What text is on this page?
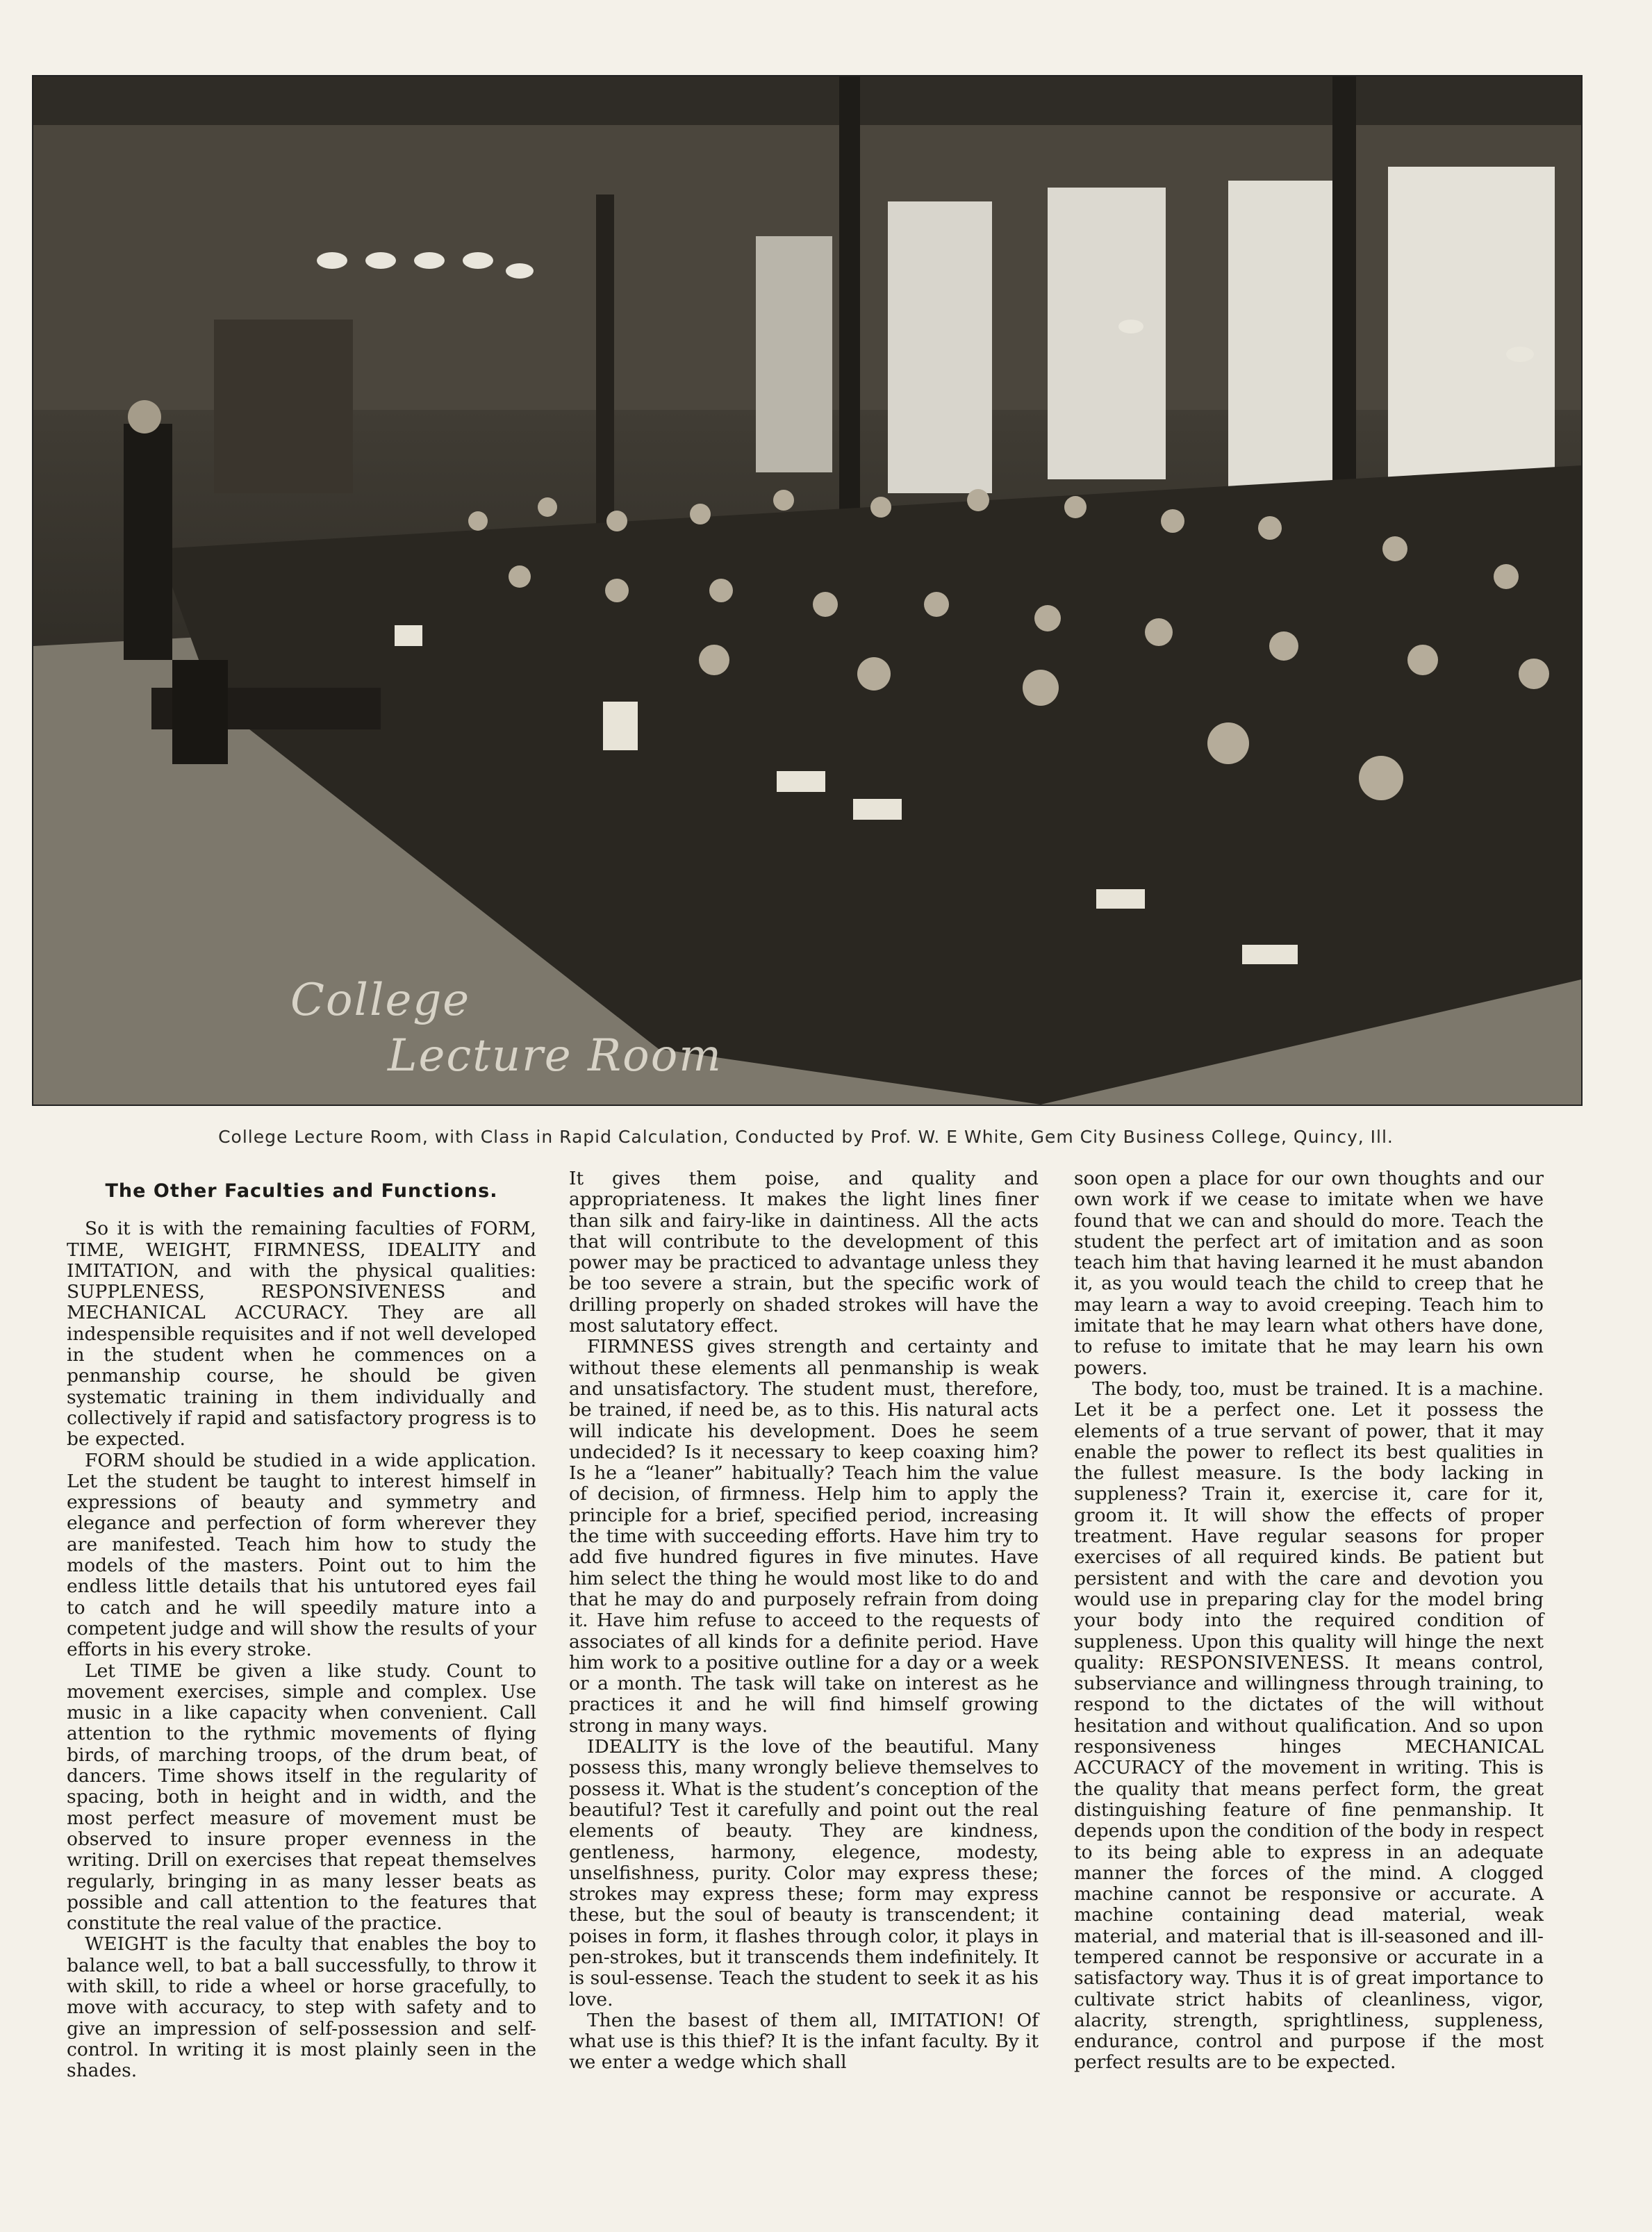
College
Lecture Room
College Lecture Room, with Class in Rapid Calculation, Conducted by Prof. W. E White, Gem City Business College, Quincy, Ill.
The Other Faculties and Functions.

So it is with the remaining faculties of FORM, TIME, WEIGHT, FIRMNESS, IDEALITY and IMITATION, and with the physical qualities: SUPPLENESS, RESPONSIVENESS and MECHANICAL ACCURACY. They are all indespensible requisites and if not well developed in the student when he commences on a penmanship course, he should be given systematic training in them individually and collectively if rapid and satisfactory progress is to be expected.

FORM should be studied in a wide application. Let the student be taught to interest himself in expressions of beauty and symmetry and elegance and perfection of form wherever they are manifested. Teach him how to study the models of the masters. Point out to him the endless little details that his untutored eyes fail to catch and he will speedily mature into a competent judge and will show the results of your efforts in his every stroke.

Let TIME be given a like study. Count to movement exercises, simple and complex. Use music in a like capacity when convenient. Call attention to the rythmic movements of flying birds, of marching troops, of the drum beat, of dancers. Time shows itself in the regularity of spacing, both in height and in width, and the most perfect measure of movement must be observed to insure proper evenness in the writing. Drill on exercises that repeat themselves regularly, bringing in as many lesser beats as possible and call attention to the features that constitute the real value of the practice.

WEIGHT is the faculty that enables the boy to balance well, to bat a ball successfully, to throw it with skill, to ride a wheel or horse gracefully, to move with accuracy, to step with safety and to give an impression of self-possession and self-control. In writing it is most plainly seen in the shades.

It gives them poise, and quality and appropriateness. It makes the light lines finer than silk and fairy-like in daintiness. All the acts that will contribute to the development of this power may be practiced to advantage unless they be too severe a strain, but the specific work of drilling properly on shaded strokes will have the most salutatory effect.

FIRMNESS gives strength and certainty and without these elements all penmanship is weak and unsatisfactory. The student must, therefore, be trained, if need be, as to this. His natural acts will indicate his development. Does he seem undecided? Is it necessary to keep coaxing him? Is he a “leaner” habitually? Teach him the value of decision, of firmness. Help him to apply the principle for a brief, specified period, increasing the time with succeeding efforts. Have him try to add five hundred figures in five minutes. Have him select the thing he would most like to do and that he may do and purposely refrain from doing it. Have him refuse to acceed to the requests of associates of all kinds for a definite period. Have him work to a positive outline for a day or a week or a month. The task will take on interest as he practices it and he will find himself growing strong in many ways.

IDEALITY is the love of the beautiful. Many possess this, many wrongly believe themselves to possess it. What is the student’s conception of the beautiful? Test it carefully and point out the real elements of beauty. They are kindness, gentleness, harmony, elegence, modesty, unselfishness, purity. Color may express these; strokes may express these; form may express these, but the soul of beauty is transcendent; it poises in form, it flashes through color, it plays in pen-strokes, but it transcends them indefinitely. It is soul-essense. Teach the student to seek it as his love.

Then the basest of them all, IMITATION! Of what use is this thief? It is the infant faculty. By it we enter a wedge which shall

soon open a place for our own thoughts and our own work if we cease to imitate when we have found that we can and should do more. Teach the student the perfect art of imitation and as soon teach him that having learned it he must abandon it, as you would teach the child to creep that he may learn a way to avoid creeping. Teach him to imitate that he may learn what others have done, to refuse to imitate that he may learn his own powers.

The body, too, must be trained. It is a machine. Let it be a perfect one. Let it possess the elements of a true servant of power, that it may enable the power to reflect its best qualities in the fullest measure. Is the body lacking in suppleness? Train it, exercise it, care for it, groom it. It will show the effects of proper treatment. Have regular seasons for proper exercises of all required kinds. Be patient but persistent and with the care and devotion you would use in preparing clay for the model bring your body into the required condition of suppleness. Upon this quality will hinge the next quality: RESPONSIVENESS. It means control, subserviance and willingness through training, to respond to the dictates of the will without hesitation and without qualification. And so upon responsiveness hinges MECHANICAL ACCURACY of the movement in writing. This is the quality that means perfect form, the great distinguishing feature of fine penmanship. It depends upon the condition of the body in respect to its being able to express in an adequate manner the forces of the mind. A clogged machine cannot be responsive or accurate. A machine containing dead material, weak material, and material that is ill-seasoned and ill-tempered cannot be responsive or accurate in a satisfactory way. Thus it is of great importance to cultivate strict habits of cleanliness, vigor, alacrity, strength, sprightliness, suppleness, endurance, control and purpose if the most perfect results are to be expected.
